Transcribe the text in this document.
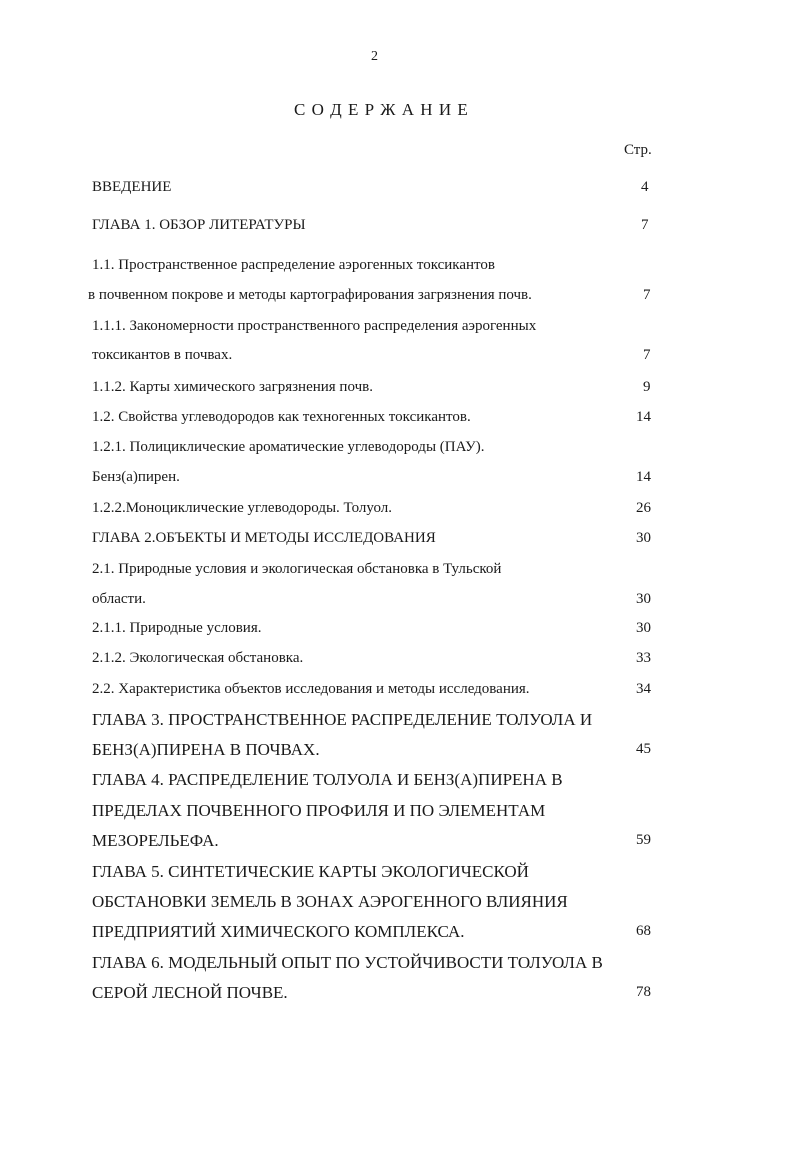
2
С О Д Е Р Ж А Н И Е
Стр.
ВВЕДЕНИЕ	4
ГЛАВА 1. ОБЗОР ЛИТЕРАТУРЫ	7
1.1. Пространственное распределение аэрогенных токсикантов
в почвенном покрове и методы картографирования загрязнения почв.	7
1.1.1. Закономерности пространственного распределения аэрогенных
токсикантов в почвах.	7
1.1.2. Карты химического загрязнения почв.	9
1.2. Свойства углеводородов как техногенных токсикантов.	14
1.2.1. Полициклические ароматические углеводороды (ПАУ).
Бенз(а)пирен.	14
1.2.2.Моноциклические углеводороды. Толуол.	26
ГЛАВА 2.ОБЪЕКТЫ И МЕТОДЫ ИССЛЕДОВАНИЯ	30
2.1. Природные условия и экологическая обстановка в Тульской
области.	30
2.1.1. Природные условия.	30
2.1.2. Экологическая обстановка.	33
2.2. Характеристика объектов исследования и методы исследования.	34
ГЛАВА 3. ПРОСТРАНСТВЕННОЕ РАСПРЕДЕЛЕНИЕ ТОЛУОЛА И
БЕНЗ(А)ПИРЕНА В ПОЧВАХ.	45
ГЛАВА 4. РАСПРЕДЕЛЕНИЕ ТОЛУОЛА И БЕНЗ(А)ПИРЕНА В
ПРЕДЕЛАХ ПОЧВЕННОГО ПРОФИЛЯ И ПО ЭЛЕМЕНТАМ
МЕЗОРЕЛЬЕФА.	59
ГЛАВА 5. СИНТЕТИЧЕСКИЕ КАРТЫ ЭКОЛОГИЧЕСКОЙ
ОБСТАНОВКИ ЗЕМЕЛЬ В ЗОНАХ АЭРОГЕННОГО ВЛИЯНИЯ
ПРЕДПРИЯТИЙ ХИМИЧЕСКОГО КОМПЛЕКСА.	68
ГЛАВА 6. МОДЕЛЬНЫЙ ОПЫТ ПО УСТОЙЧИВОСТИ ТОЛУОЛА В
СЕРОЙ ЛЕСНОЙ ПОЧВЕ.	78
